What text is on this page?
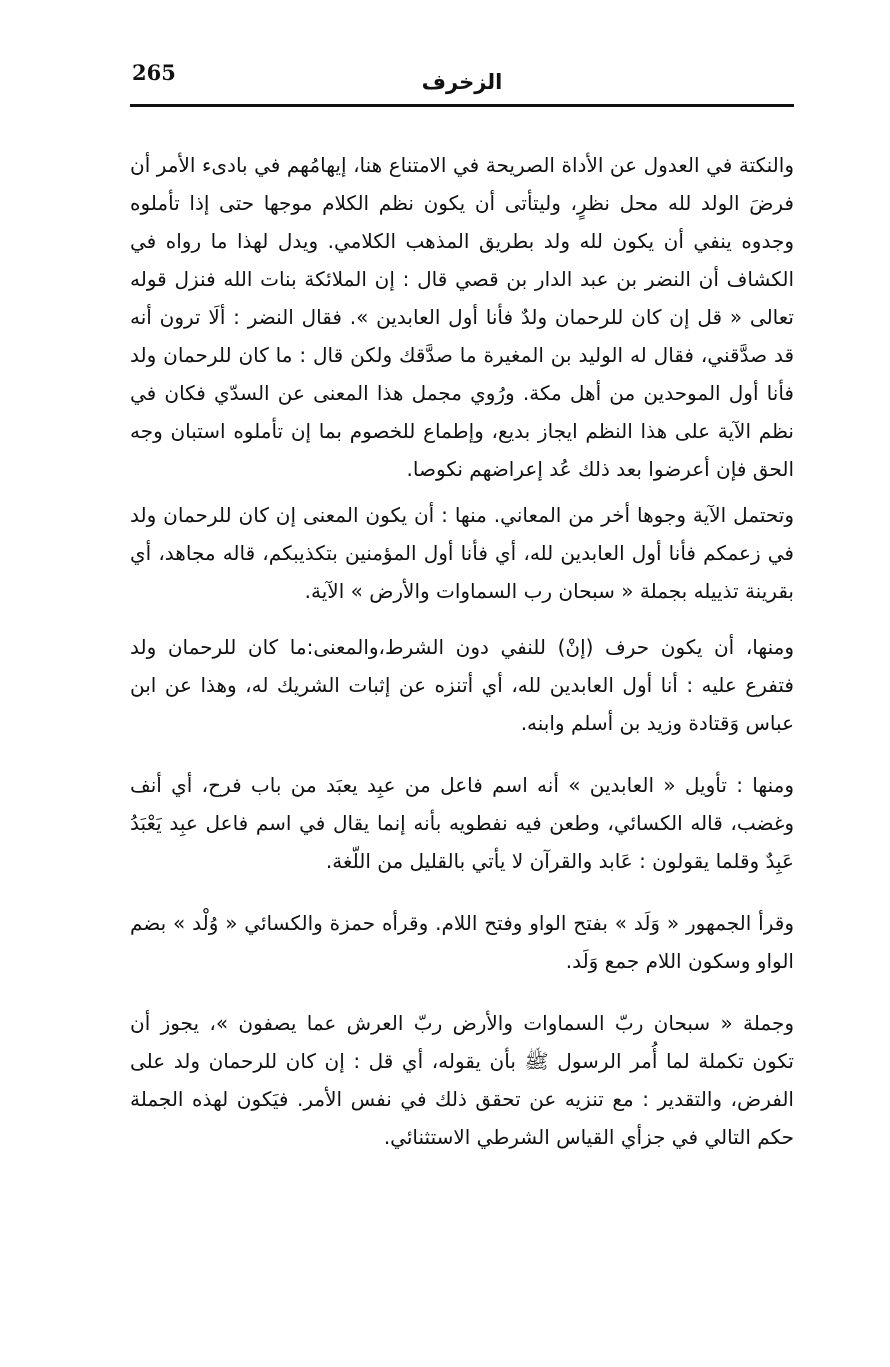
265	الزخرف

والنكتة في العدول عن الأداة الصريحة في الامتناع هنا، إيهامُهم في بادىء الأمر أن فرضَ الولد لله محل نظرٍ، وليتأتى أن يكون نظم الكلام موجها حتى إذا تأملوه وجدوه ينفي أن يكون لله ولد بطريق المذهب الكلامي. ويدل لهذا ما رواه في الكشاف أن النضر بن عبد الدار بن قصي قال : إن الملائكة بنات الله فنزل قوله تعالى « قل إن كان للرحمان ولدٌ فأنا أول العابدين ». فقال النضر : ألَا ترون أنه قد صدَّقني، فقال له الوليد بن المغيرة ما صدَّقك ولكن قال : ما كان للرحمان ولد فأنا أول الموحدين من أهل مكة. ورُوي مجمل هذا المعنى عن السدّي فكان في نظم الآية على هذا النظم ايجاز بديع، وإطماع للخصوم بما إن تأملوه استبان وجه الحق فإن أعرضوا بعد ذلك عُد إعراضهم نكوصا.

وتحتمل الآية وجوها أخر من المعاني. منها : أن يكون المعنى إن كان للرحمان ولد في زعمكم فأنا أول العابدين لله، أي فأنا أول المؤمنين بتكذيبكم، قاله مجاهد، أي بقرينة تذييله بجملة « سبحان رب السماوات والأرض » الآية.

ومنها، أن يكون حرف (إنْ) للنفي دون الشرط،والمعنى:ما كان للرحمان ولد فتفرع عليه : أنا أول العابدين لله، أي أتنزه عن إثبات الشريك له، وهذا عن ابن عباس وَقتادة وزيد بن أسلم وابنه.

ومنها : تأويل « العابدين » أنه اسم فاعل من عبِد يعبَد من باب فرح، أي أنف وغضب، قاله الكسائي، وطعن فيه نفطويه بأنه إنما يقال في اسم فاعل عبِد يَعْبَدُ عَبِدٌ وقلما يقولون : عَابد والقرآن لا يأتي بالقليل من اللّغة.

وقرأ الجمهور « وَلَد » بفتح الواو وفتح اللام. وقرأه حمزة والكسائي « وُلْد » بضم الواو وسكون اللام جمع وَلَد.

وجملة « سبحان ربّ السماوات والأرض ربّ العرش عما يصفون »، يجوز أن تكون تكملة لما أُمر الرسول ﷺ بأن يقوله، أي قل : إن كان للرحمان ولد على الفرض، والتقدير : مع تنزيه عن تحقق ذلك في نفس الأمر. فيَكون لهذه الجملة حكم التالي في جزأي القياس الشرطي الاستثنائي.
